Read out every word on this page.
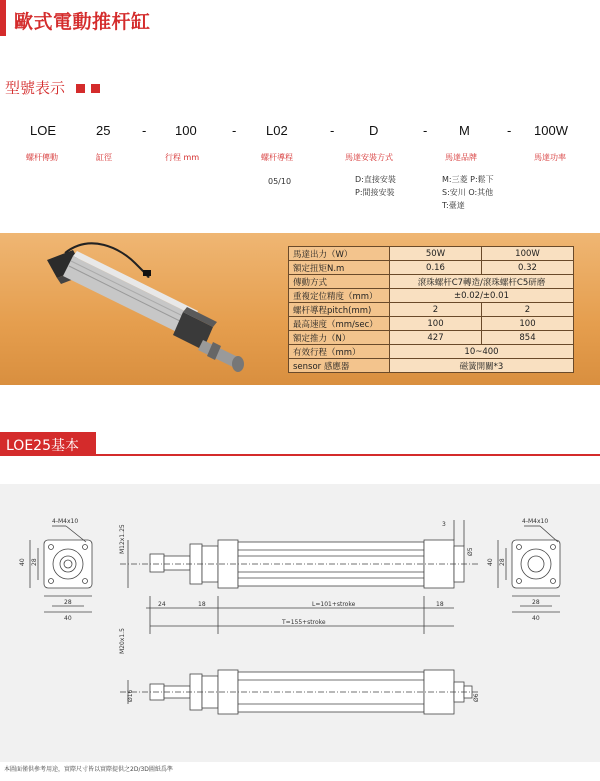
歐式電動推杆缸
型號表示
LOE	25	100	L02	D	M	100W
-	-	-	-	-
螺杆傳動	缸徑	行程 mm	螺杆導程	馬達安裝方式	馬達品牌	馬達功率
05/10	D:直接安裝
P:間接安裝
M:三菱 P:鬆下
S:安川 O:其他
T:臺達
馬達出力（W）	50W	100W
額定扭矩N.m	0.16	0.32
傳動方式	滾珠螺杆C7轉造/滾珠螺杆C5研磨	
重複定位精度（mm）	±0.02/±0.01	
螺杆導程pitch(mm)	2	2
最高速度（mm/sec）	100	100
額定推力（N）	427	854
有效行程（mm）	10~400	
sensor 感應器	磁簧開關*3	
LOE25基本
4-M4x10	4-M4x10
40 28
28
40
40 28
28
40
M12x1.25
24	18	18
L=101+stroke
T=155+stroke
3
Ø5
M20x1.5
Ø16	Ø6
本圖面僅供參考用途，實際尺寸皆以實際提供之2D/3D圖紙爲準
